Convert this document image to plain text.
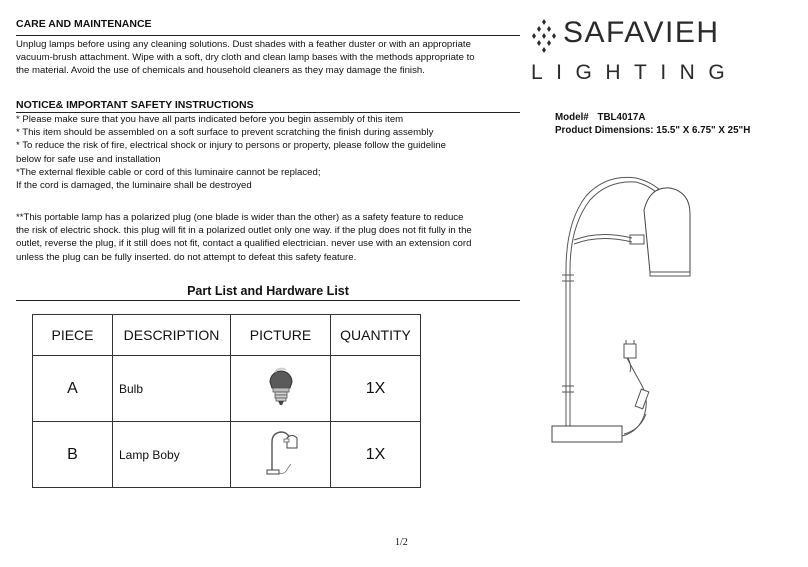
CARE AND MAINTENANCE
Unplug lamps before using any cleaning solutions. Dust shades with a feather duster or with an appropriate
vacuum-brush attachment. Wipe with a soft, dry cloth and clean lamp bases with the methods appropriate to
the material. Avoid the use of chemicals and household cleaners as they may damage the finish.
NOTICE& IMPORTANT SAFETY INSTRUCTIONS
* Please make sure that you have all parts indicated before you begin assembly of this item
* This item should be assembled on a soft surface to prevent scratching the finish during assembly
* To reduce the risk of fire, electrical shock or injury to persons or property, please follow the guideline
below for safe use and installation
*The external flexible cable or cord of this luminaire cannot be replaced;
If the cord is damaged, the luminaire shall be destroyed
**This portable lamp has a polarized plug (one blade is wider than the other) as a safety feature to reduce
the risk of electric shock. this plug will fit in a polarized outlet only one way. if the plug does not fit fully in the
outlet, reverse the plug, if it still does not fit, contact a qualified electrician. never use with an extension cord
unless the plug can be fully inserted. do not attempt to defeat this safety feature.
Part List and Hardware List
PIECE	DESCRIPTION	PICTURE	QUANTITY
A	Bulb		1X
B	Lamp Boby		1X
SAFAVIEH
LIGHTING
Model# TBL4017A
Product Dimensions: 15.5" X 6.75" X 25"H
1/2
